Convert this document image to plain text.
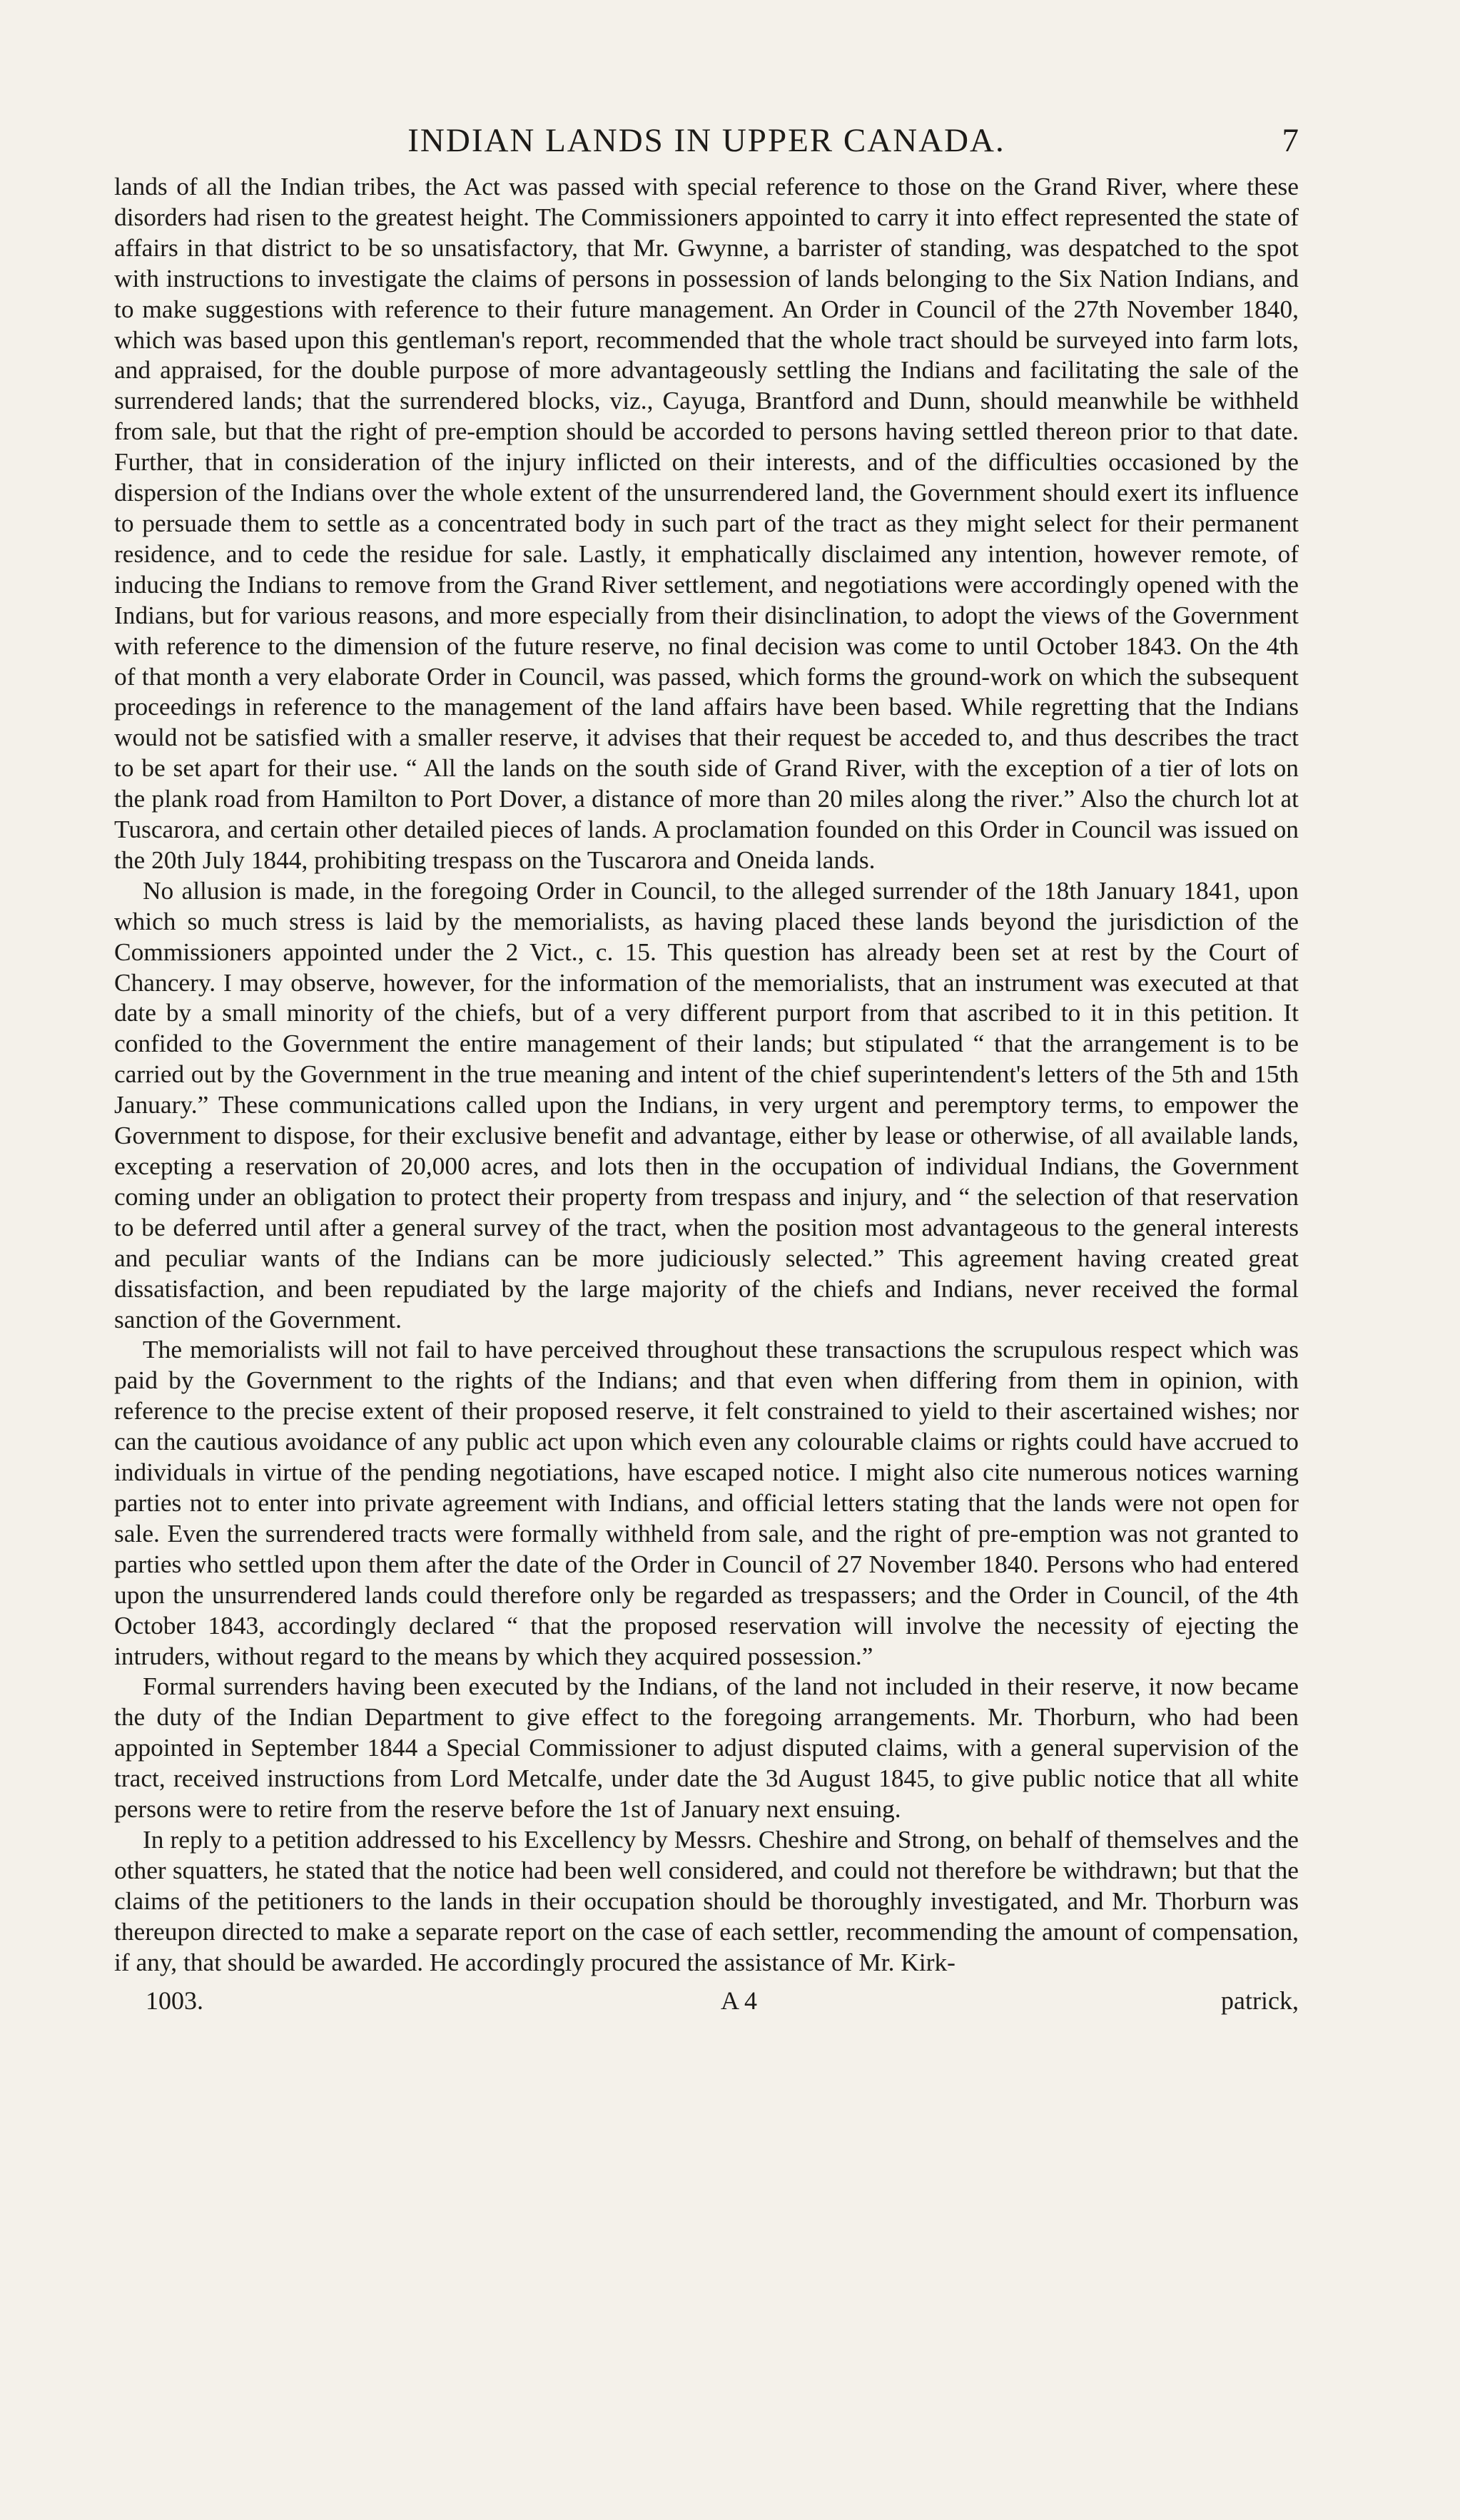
INDIAN LANDS IN UPPER CANADA.	7

lands of all the Indian tribes, the Act was passed with special reference to those on the Grand River, where these disorders had risen to the greatest height. The Commissioners appointed to carry it into effect represented the state of affairs in that district to be so unsatisfactory, that Mr. Gwynne, a barrister of standing, was despatched to the spot with instructions to investigate the claims of persons in possession of lands belonging to the Six Nation Indians, and to make suggestions with reference to their future management. An Order in Council of the 27th November 1840, which was based upon this gentleman's report, recommended that the whole tract should be surveyed into farm lots, and appraised, for the double purpose of more advantageously settling the Indians and facilitating the sale of the surrendered lands; that the surrendered blocks, viz., Cayuga, Brantford and Dunn, should meanwhile be withheld from sale, but that the right of pre-emption should be accorded to persons having settled thereon prior to that date. Further, that in consideration of the injury inflicted on their interests, and of the difficulties occasioned by the dispersion of the Indians over the whole extent of the unsurrendered land, the Government should exert its influence to persuade them to settle as a concentrated body in such part of the tract as they might select for their permanent residence, and to cede the residue for sale. Lastly, it emphatically disclaimed any intention, however remote, of inducing the Indians to remove from the Grand River settlement, and negotiations were accordingly opened with the Indians, but for various reasons, and more especially from their disinclination, to adopt the views of the Government with reference to the dimension of the future reserve, no final decision was come to until October 1843. On the 4th of that month a very elaborate Order in Council, was passed, which forms the ground-work on which the subsequent proceedings in reference to the management of the land affairs have been based. While regretting that the Indians would not be satisfied with a smaller reserve, it advises that their request be acceded to, and thus describes the tract to be set apart for their use. “ All the lands on the south side of Grand River, with the exception of a tier of lots on the plank road from Hamilton to Port Dover, a distance of more than 20 miles along the river.” Also the church lot at Tuscarora, and certain other detailed pieces of lands. A proclamation founded on this Order in Council was issued on the 20th July 1844, prohibiting trespass on the Tuscarora and Oneida lands.

No allusion is made, in the foregoing Order in Council, to the alleged surrender of the 18th January 1841, upon which so much stress is laid by the memorialists, as having placed these lands beyond the jurisdiction of the Commissioners appointed under the 2 Vict., c. 15. This question has already been set at rest by the Court of Chancery. I may observe, however, for the information of the memorialists, that an instrument was executed at that date by a small minority of the chiefs, but of a very different purport from that ascribed to it in this petition. It confided to the Government the entire management of their lands; but stipulated “ that the arrangement is to be carried out by the Government in the true meaning and intent of the chief superintendent's letters of the 5th and 15th January.” These communications called upon the Indians, in very urgent and peremptory terms, to empower the Government to dispose, for their exclusive benefit and advantage, either by lease or otherwise, of all available lands, excepting a reservation of 20,000 acres, and lots then in the occupation of individual Indians, the Government coming under an obligation to protect their property from trespass and injury, and “ the selection of that reservation to be deferred until after a general survey of the tract, when the position most advantageous to the general interests and peculiar wants of the Indians can be more judiciously selected.” This agreement having created great dissatisfaction, and been repudiated by the large majority of the chiefs and Indians, never received the formal sanction of the Government.

The memorialists will not fail to have perceived throughout these transactions the scrupulous respect which was paid by the Government to the rights of the Indians; and that even when differing from them in opinion, with reference to the precise extent of their proposed reserve, it felt constrained to yield to their ascertained wishes; nor can the cautious avoidance of any public act upon which even any colourable claims or rights could have accrued to individuals in virtue of the pending negotiations, have escaped notice. I might also cite numerous notices warning parties not to enter into private agreement with Indians, and official letters stating that the lands were not open for sale. Even the surrendered tracts were formally withheld from sale, and the right of pre-emption was not granted to parties who settled upon them after the date of the Order in Council of 27 November 1840. Persons who had entered upon the unsurrendered lands could therefore only be regarded as trespassers; and the Order in Council, of the 4th October 1843, accordingly declared “ that the proposed reservation will involve the necessity of ejecting the intruders, without regard to the means by which they acquired possession.”

Formal surrenders having been executed by the Indians, of the land not included in their reserve, it now became the duty of the Indian Department to give effect to the foregoing arrangements. Mr. Thorburn, who had been appointed in September 1844 a Special Commissioner to adjust disputed claims, with a general supervision of the tract, received instructions from Lord Metcalfe, under date the 3d August 1845, to give public notice that all white persons were to retire from the reserve before the 1st of January next ensuing.

In reply to a petition addressed to his Excellency by Messrs. Cheshire and Strong, on behalf of themselves and the other squatters, he stated that the notice had been well considered, and could not therefore be withdrawn; but that the claims of the petitioners to the lands in their occupation should be thoroughly investigated, and Mr. Thorburn was thereupon directed to make a separate report on the case of each settler, recommending the amount of compensation, if any, that should be awarded. He accordingly procured the assistance of Mr. Kirk-

1003.	A 4	patrick,
